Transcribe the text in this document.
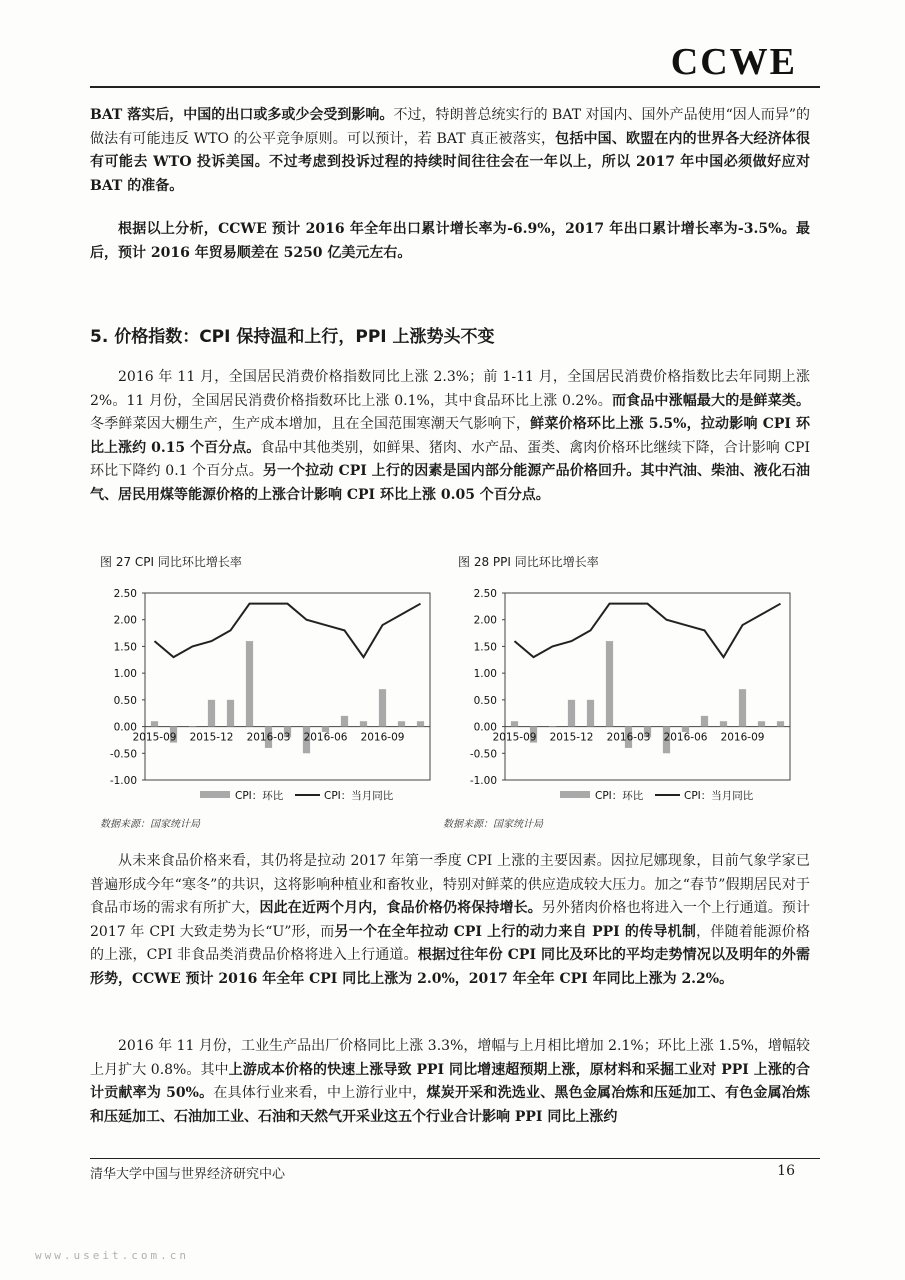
CCWE

BAT 落实后，中国的出口或多或少会受到影响。不过，特朗普总统实行的 BAT 对国内、国外产品使用“因人而异”的做法有可能违反 WTO 的公平竞争原则。可以预计，若 BAT 真正被落实，包括中国、欧盟在内的世界各大经济体很有可能去 WTO 投诉美国。不过考虑到投诉过程的持续时间往往会在一年以上，所以 2017 年中国必须做好应对 BAT 的准备。

根据以上分析，CCWE 预计 2016 年全年出口累计增长率为-6.9%，2017 年出口累计增长率为-3.5%。最后，预计 2016 年贸易顺差在 5250 亿美元左右。

5. 价格指数：CPI 保持温和上行，PPI 上涨势头不变

2016 年 11 月，全国居民消费价格指数同比上涨 2.3%；前 1-11 月，全国居民消费价格指数比去年同期上涨 2%。11 月份，全国居民消费价格指数环比上涨 0.1%，其中食品环比上涨 0.2%。而食品中涨幅最大的是鲜菜类。冬季鲜菜因大棚生产，生产成本增加，且在全国范围寒潮天气影响下，鲜菜价格环比上涨 5.5%，拉动影响 CPI 环比上涨约 0.15 个百分点。食品中其他类别，如鲜果、猪肉、水产品、蛋类、禽肉价格环比继续下降，合计影响 CPI 环比下降约 0.1 个百分点。另一个拉动 CPI 上行的因素是国内部分能源产品价格回升。其中汽油、柴油、液化石油气、居民用煤等能源价格的上涨合计影响 CPI 环比上涨 0.05 个百分点。

图 27 CPI 同比环比增长率	图 28 PPI 同比环比增长率

2.50
2.00
1.50
1.00
0.50
0.00
-0.50
-1.00
2015-09 2015-12 2016-03 2016-06 2016-09
CPI：环比	CPI：当月同比
2.50
2.00
1.50
1.00
0.50
0.00
-0.50
-1.00
2015-09 2015-12 2016-03 2016-06 2016-09
CPI：环比	CPI：当月同比

数据来源：国家统计局	数据来源：国家统计局

从未来食品价格来看，其仍将是拉动 2017 年第一季度 CPI 上涨的主要因素。因拉尼娜现象，目前气象学家已普遍形成今年“寒冬”的共识，这将影响种植业和畜牧业，特别对鲜菜的供应造成较大压力。加之“春节”假期居民对于食品市场的需求有所扩大，因此在近两个月内，食品价格仍将保持增长。另外猪肉价格也将进入一个上行通道。预计 2017 年 CPI 大致走势为长“U”形，而另一个在全年拉动 CPI 上行的动力来自 PPI 的传导机制，伴随着能源价格的上涨，CPI 非食品类消费品价格将进入上行通道。根据过往年份 CPI 同比及环比的平均走势情况以及明年的外需形势，CCWE 预计 2016 年全年 CPI 同比上涨为 2.0%，2017 年全年 CPI 年同比上涨为 2.2%。

2016 年 11 月份，工业生产品出厂价格同比上涨 3.3%，增幅与上月相比增加 2.1%；环比上涨 1.5%，增幅较上月扩大 0.8%。其中上游成本价格的快速上涨导致 PPI 同比增速超预期上涨，原材料和采掘工业对 PPI 上涨的合计贡献率为 50%。在具体行业来看，中上游行业中，煤炭开采和洗选业、黑色金属冶炼和压延加工、有色金属冶炼和压延加工、石油加工业、石油和天然气开采业这五个行业合计影响 PPI 同比上涨约

清华大学中国与世界经济研究中心	16

www.useit.com.cn
